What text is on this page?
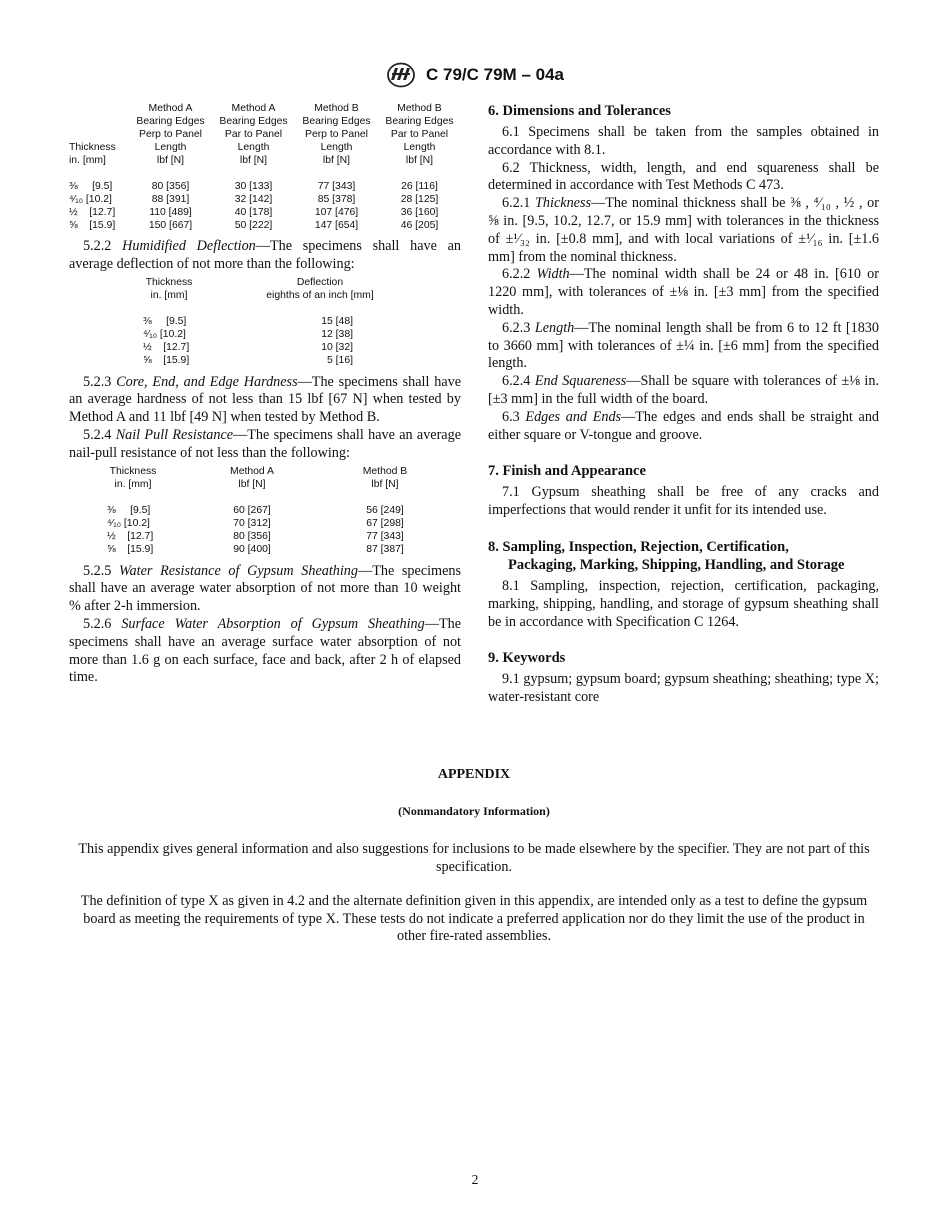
C 79/C 79M – 04a
	Method A	Method A	Method B	Method B
	Bearing Edges	Bearing Edges	Bearing Edges	Bearing Edges
	Perp to Panel	Par to Panel	Perp to Panel	Par to Panel
Thickness	Length	Length	Length	Length
in. [mm]	lbf [N]	lbf [N]	lbf [N]	lbf [N]

⅜     [9.5]	80 [356]	30 [133]	77 [343]	26 [116]
⁴⁄₁₀ [10.2]	88 [391]	32 [142]	85 [378]	28 [125]
½    [12.7]	110 [489]	40 [178]	107 [476]	36 [160]
⅝    [15.9]	150 [667]	50 [222]	147 [654]	46 [205]

5.2.2 Humidified Deflection—The specimens shall have an average deflection of not more than the following:

Thickness	Deflection
in. [mm]	eighths of an inch [mm]

⅜     [9.5]	15 [48]
⁴⁄₁₀ [10.2]	12 [38]
½    [12.7]	10 [32]
⅝    [15.9]	5 [16]

5.2.3 Core, End, and Edge Hardness—The specimens shall have an average hardness of not less than 15 lbf [67 N] when tested by Method A and 11 lbf [49 N] when tested by Method B.

5.2.4 Nail Pull Resistance—The specimens shall have an average nail-pull resistance of not less than the following:

Thickness	Method A	Method B
in. [mm]	lbf [N]	lbf [N]

⅜     [9.5]	60 [267]	56 [249]
⁴⁄₁₀ [10.2]	70 [312]	67 [298]
½    [12.7]	80 [356]	77 [343]
⅝    [15.9]	90 [400]	87 [387]

5.2.5 Water Resistance of Gypsum Sheathing—The specimens shall have an average water absorption of not more than 10 weight % after 2-h immersion.

5.2.6 Surface Water Absorption of Gypsum Sheathing—The specimens shall have an average surface water absorption of not more than 1.6 g on each surface, face and back, after 2 h of elapsed time.

6. Dimensions and Tolerances

6.1 Specimens shall be taken from the samples obtained in accordance with 8.1.

6.2 Thickness, width, length, and end squareness shall be determined in accordance with Test Methods C 473.

6.2.1 Thickness—The nominal thickness shall be ⅜ , ⁴⁄₁₀ , ½ , or ⅝ in. [9.5, 10.2, 12.7, or 15.9 mm] with tolerances in the thickness of ±¹⁄₃₂ in. [±0.8 mm], and with local variations of ±¹⁄₁₆ in. [±1.6 mm] from the nominal thickness.

6.2.2 Width—The nominal width shall be 24 or 48 in. [610 or 1220 mm], with tolerances of ±⅛ in. [±3 mm] from the specified width.

6.2.3 Length—The nominal length shall be from 6 to 12 ft [1830 to 3660 mm] with tolerances of ±¼ in. [±6 mm] from the specified length.

6.2.4 End Squareness—Shall be square with tolerances of ±⅛ in. [±3 mm] in the full width of the board.

6.3 Edges and Ends—The edges and ends shall be straight and either square or V-tongue and groove.

7. Finish and Appearance

7.1 Gypsum sheathing shall be free of any cracks and imperfections that would render it unfit for its intended use.

8. Sampling, Inspection, Rejection, Certification,
Packaging, Marking, Shipping, Handling, and Storage

8.1 Sampling, inspection, rejection, certification, packaging, marking, shipping, handling, and storage of gypsum sheathing shall be in accordance with Specification C 1264.

9. Keywords

9.1 gypsum; gypsum board; gypsum sheathing; sheathing; type X; water-resistant core

APPENDIX
(Nonmandatory Information)
This appendix gives general information and also suggestions for inclusions to be made elsewhere by the specifier. They are not part of this specification.
The definition of type X as given in 4.2 and the alternate definition given in this appendix, are intended only as a test to define the gypsum board as meeting the requirements of type X. These tests do not indicate a preferred application nor do they limit the use of the product in other fire-rated assemblies.
2
